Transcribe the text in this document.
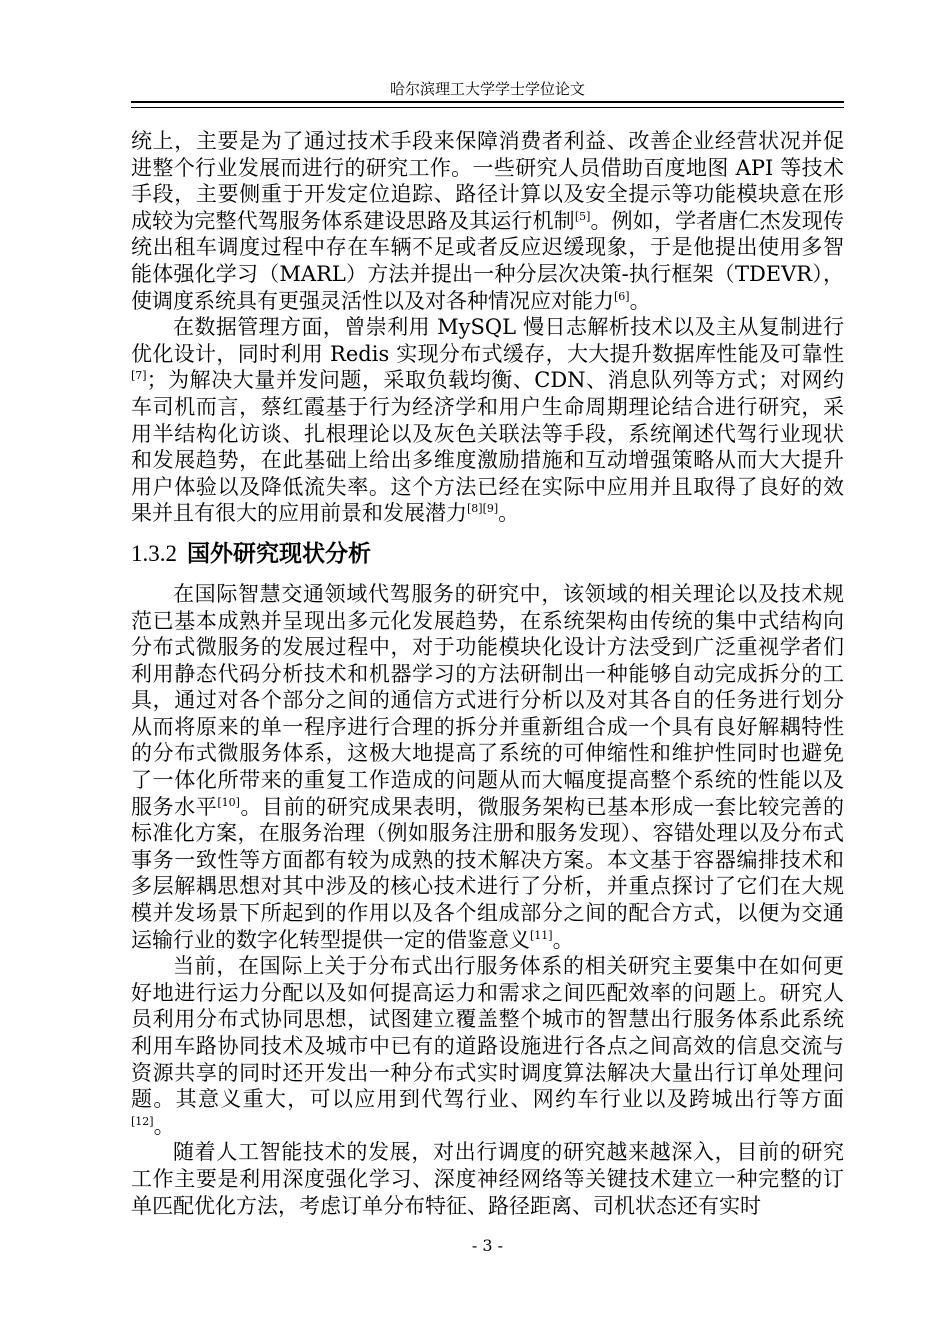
哈尔滨理工大学学士学位论文

统上，主要是为了通过技术手段来保障消费者利益、改善企业经营状况并促进整个行业发展而进行的研究工作。一些研究人员借助百度地图 API 等技术手段，主要侧重于开发定位追踪、路径计算以及安全提示等功能模块意在形成较为完整代驾服务体系建设思路及其运行机制[5]。例如，学者唐仁杰发现传统出租车调度过程中存在车辆不足或者反应迟缓现象，于是他提出使用多智能体强化学习（MARL）方法并提出一种分层次决策-执行框架（TDEVR），使调度系统具有更强灵活性以及对各种情况应对能力[6]。

在数据管理方面，曾崇利用 MySQL 慢日志解析技术以及主从复制进行优化设计，同时利用 Redis 实现分布式缓存，大大提升数据库性能及可靠性[7]；为解决大量并发问题，采取负载均衡、CDN、消息队列等方式；对网约车司机而言，蔡红霞基于行为经济学和用户生命周期理论结合进行研究，采用半结构化访谈、扎根理论以及灰色关联法等手段，系统阐述代驾行业现状和发展趋势，在此基础上给出多维度激励措施和互动增强策略从而大大提升用户体验以及降低流失率。这个方法已经在实际中应用并且取得了良好的效果并且有很大的应用前景和发展潜力[8][9]。

1.3.2 国外研究现状分析

在国际智慧交通领域代驾服务的研究中，该领域的相关理论以及技术规范已基本成熟并呈现出多元化发展趋势，在系统架构由传统的集中式结构向分布式微服务的发展过程中，对于功能模块化设计方法受到广泛重视学者们利用静态代码分析技术和机器学习的方法研制出一种能够自动完成拆分的工具，通过对各个部分之间的通信方式进行分析以及对其各自的任务进行划分从而将原来的单一程序进行合理的拆分并重新组合成一个具有良好解耦特性的分布式微服务体系，这极大地提高了系统的可伸缩性和维护性同时也避免了一体化所带来的重复工作造成的问题从而大幅度提高整个系统的性能以及服务水平[10]。目前的研究成果表明，微服务架构已基本形成一套比较完善的标准化方案，在服务治理（例如服务注册和服务发现）、容错处理以及分布式事务一致性等方面都有较为成熟的技术解决方案。本文基于容器编排技术和多层解耦思想对其中涉及的核心技术进行了分析，并重点探讨了它们在大规模并发场景下所起到的作用以及各个组成部分之间的配合方式，以便为交通运输行业的数字化转型提供一定的借鉴意义[11]。

当前，在国际上关于分布式出行服务体系的相关研究主要集中在如何更好地进行运力分配以及如何提高运力和需求之间匹配效率的问题上。研究人员利用分布式协同思想，试图建立覆盖整个城市的智慧出行服务体系此系统利用车路协同技术及城市中已有的道路设施进行各点之间高效的信息交流与资源共享的同时还开发出一种分布式实时调度算法解决大量出行订单处理问题。其意义重大，可以应用到代驾行业、网约车行业以及跨城出行等方面[12]。

随着人工智能技术的发展，对出行调度的研究越来越深入，目前的研究工作主要是利用深度强化学习、深度神经网络等关键技术建立一种完整的订单匹配优化方法，考虑订单分布特征、路径距离、司机状态还有实时

- 3 -
